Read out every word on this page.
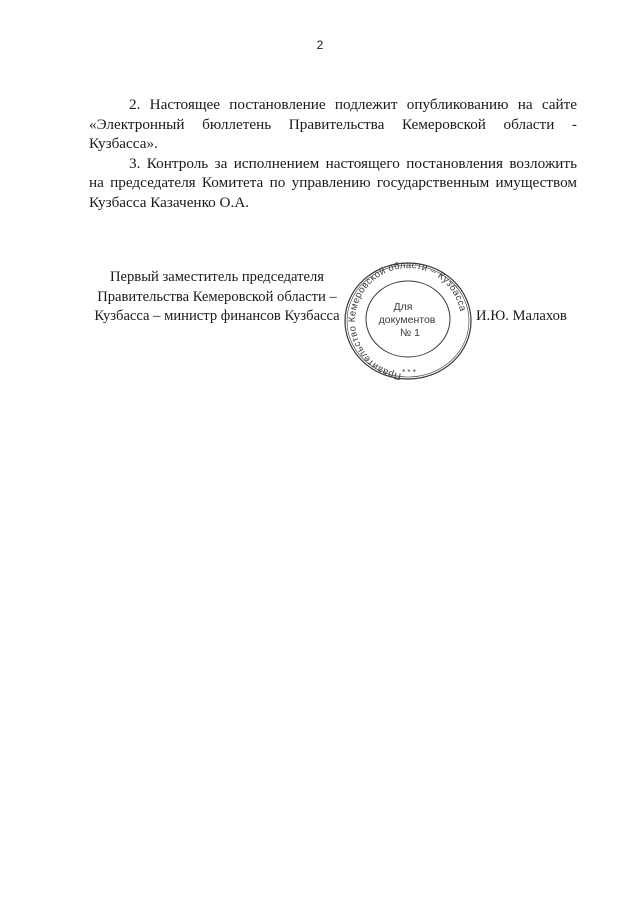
2

2. Настоящее постановление подлежит опубликованию на сайте «Электронный бюллетень Правительства Кемеровской области - Кузбасса».

3. Контроль за исполнением настоящего постановления возложить на председателя Комитета по управлению государственным имуществом Кузбасса Казаченко О.А.

Первый заместитель председателя
Правительства Кемеровской области –
Кузбасса – министр финансов Кузбасса
Правительство Кемеровской области – Кузбасса
Для
документов
№ 1
* * *
И.Ю. Малахов
